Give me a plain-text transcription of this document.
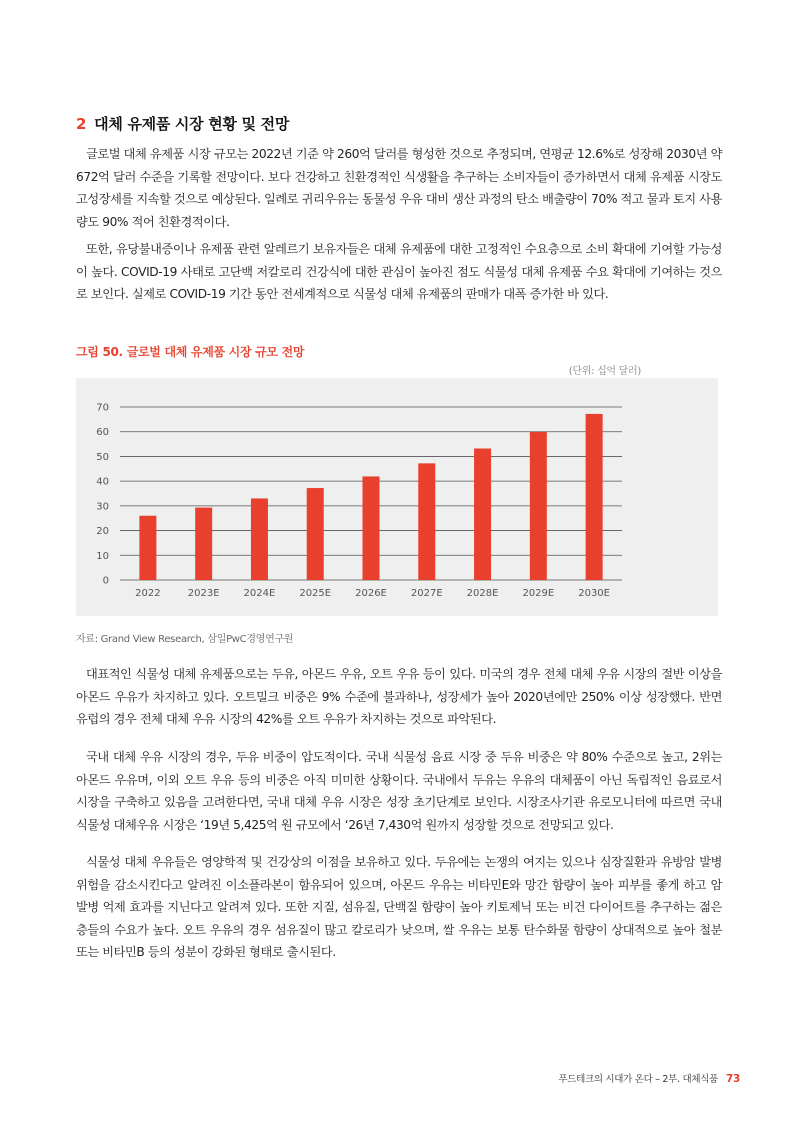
2 대체 유제품 시장 현황 및 전망

글로벌 대체 유제품 시장 규모는 2022년 기준 약 260억 달러를 형성한 것으로 추정되며, 연평균 12.6%로 성장해 2030년 약 672억 달러 수준을 기록할 전망이다. 보다 건강하고 친환경적인 식생활을 추구하는 소비자들이 증가하면서 대체 유제품 시장도 고성장세를 지속할 것으로 예상된다. 일례로 귀리우유는 동물성 우유 대비 생산 과정의 탄소 배출량이 70% 적고 물과 토지 사용량도 90% 적어 친환경적이다.

또한, 유당불내증이나 유제품 관련 알레르기 보유자들은 대체 유제품에 대한 고정적인 수요층으로 소비 확대에 기여할 가능성이 높다. COVID-19 사태로 고단백 저칼로리 건강식에 대한 관심이 높아진 점도 식물성 대체 유제품 수요 확대에 기여하는 것으로 보인다. 실제로 COVID-19 기간 동안 전세계적으로 식물성 대체 유제품의 판매가 대폭 증가한 바 있다.

그림 50. 글로벌 대체 유제품 시장 규모 전망
(단위: 십억 달러)
0
10
20
30
40
50
60
70
2022	2023E 2024E 2025E 2026E 2027E 2028E 2029E 2030E
자료: Grand View Research, 삼일PwC경영연구원

대표적인 식물성 대체 유제품으로는 두유, 아몬드 우유, 오트 우유 등이 있다. 미국의 경우 전체 대체 우유 시장의 절반 이상을 아몬드 우유가 차지하고 있다. 오트밀크 비중은 9% 수준에 불과하나, 성장세가 높아 2020년에만 250% 이상 성장했다. 반면 유럽의 경우 전체 대체 우유 시장의 42%를 오트 우유가 차지하는 것으로 파악된다.

국내 대체 우유 시장의 경우, 두유 비중이 압도적이다. 국내 식물성 음료 시장 중 두유 비중은 약 80% 수준으로 높고, 2위는 아몬드 우유며, 이외 오트 우유 등의 비중은 아직 미미한 상황이다. 국내에서 두유는 우유의 대체품이 아닌 독립적인 음료로서 시장을 구축하고 있음을 고려한다면, 국내 대체 우유 시장은 성장 초기단계로 보인다. 시장조사기관 유로모니터에 따르면 국내 식물성 대체우유 시장은 ‘19년 5,425억 원 규모에서 ‘26년 7,430억 원까지 성장할 것으로 전망되고 있다.

식물성 대체 우유들은 영양학적 및 건강상의 이점을 보유하고 있다. 두유에는 논쟁의 여지는 있으나 심장질환과 유방암 발병 위험을 감소시킨다고 알려진 이소플라본이 함유되어 있으며, 아몬드 우유는 비타민E와 망간 함량이 높아 피부를 좋게 하고 암 발병 억제 효과를 지닌다고 알려져 있다. 또한 지질, 섬유질, 단백질 함량이 높아 키토제닉 또는 비건 다이어트를 추구하는 젊은 층들의 수요가 높다. 오트 우유의 경우 섬유질이 많고 칼로리가 낮으며, 쌀 우유는 보통 탄수화물 함량이 상대적으로 높아 철분 또는 비타민B 등의 성분이 강화된 형태로 출시된다.

푸드테크의 시대가 온다 – 2부. 대체식품 73
